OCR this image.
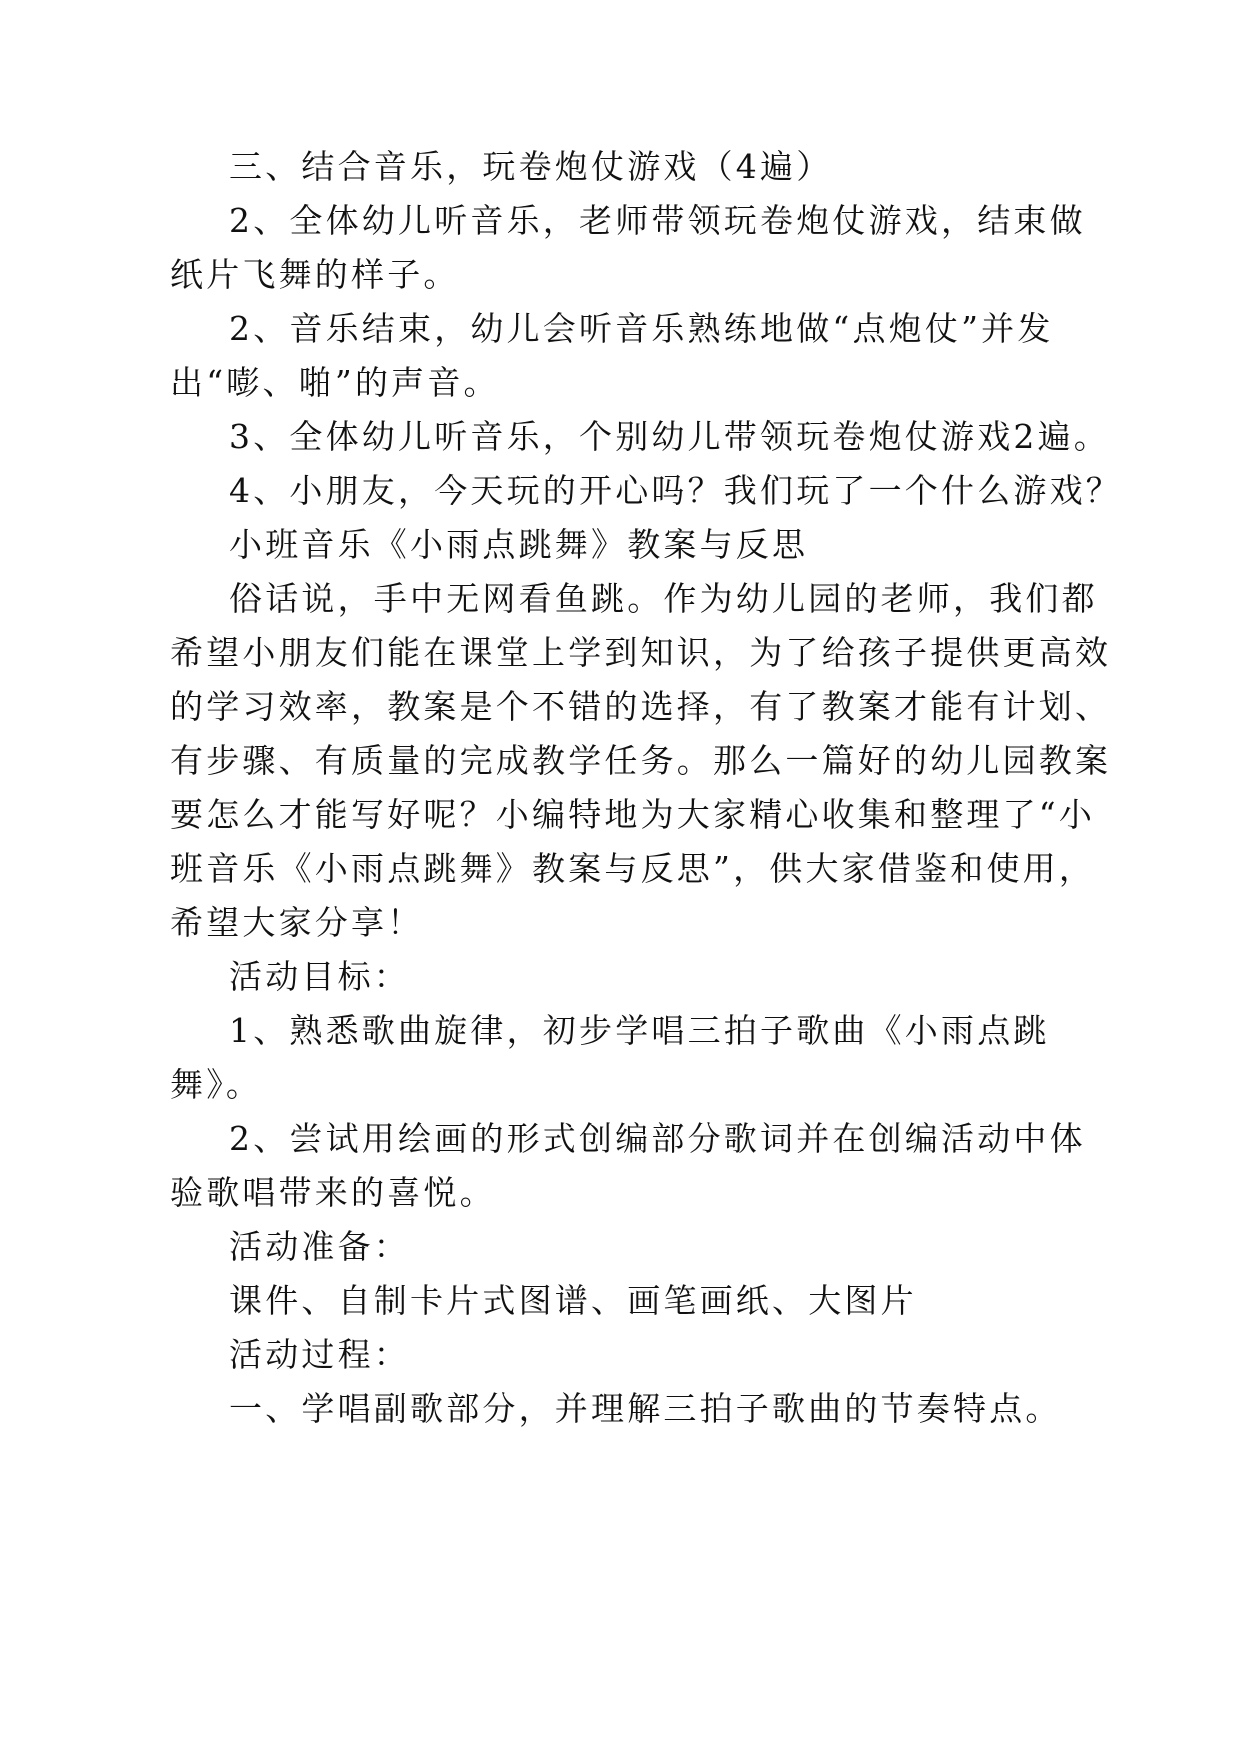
三、结合音乐，玩卷炮仗游戏（4遍）
2、全体幼儿听音乐，老师带领玩卷炮仗游戏，结束做
纸片飞舞的样子。
2、音乐结束，幼儿会听音乐熟练地做“点炮仗”并发
出“嘭、啪”的声音。
3、全体幼儿听音乐，个别幼儿带领玩卷炮仗游戏2遍。
4、小朋友，今天玩的开心吗？我们玩了一个什么游戏？
小班音乐《小雨点跳舞》教案与反思
俗话说，手中无网看鱼跳。作为幼儿园的老师，我们都
希望小朋友们能在课堂上学到知识，为了给孩子提供更高效
的学习效率，教案是个不错的选择，有了教案才能有计划、
有步骤、有质量的完成教学任务。那么一篇好的幼儿园教案
要怎么才能写好呢？小编特地为大家精心收集和整理了“小
班音乐《小雨点跳舞》教案与反思”，供大家借鉴和使用，
希望大家分享！
活动目标：
1、熟悉歌曲旋律，初步学唱三拍子歌曲《小雨点跳
舞》。
2、尝试用绘画的形式创编部分歌词并在创编活动中体
验歌唱带来的喜悦。
活动准备：
课件、自制卡片式图谱、画笔画纸、大图片
活动过程：
一、学唱副歌部分，并理解三拍子歌曲的节奏特点。
